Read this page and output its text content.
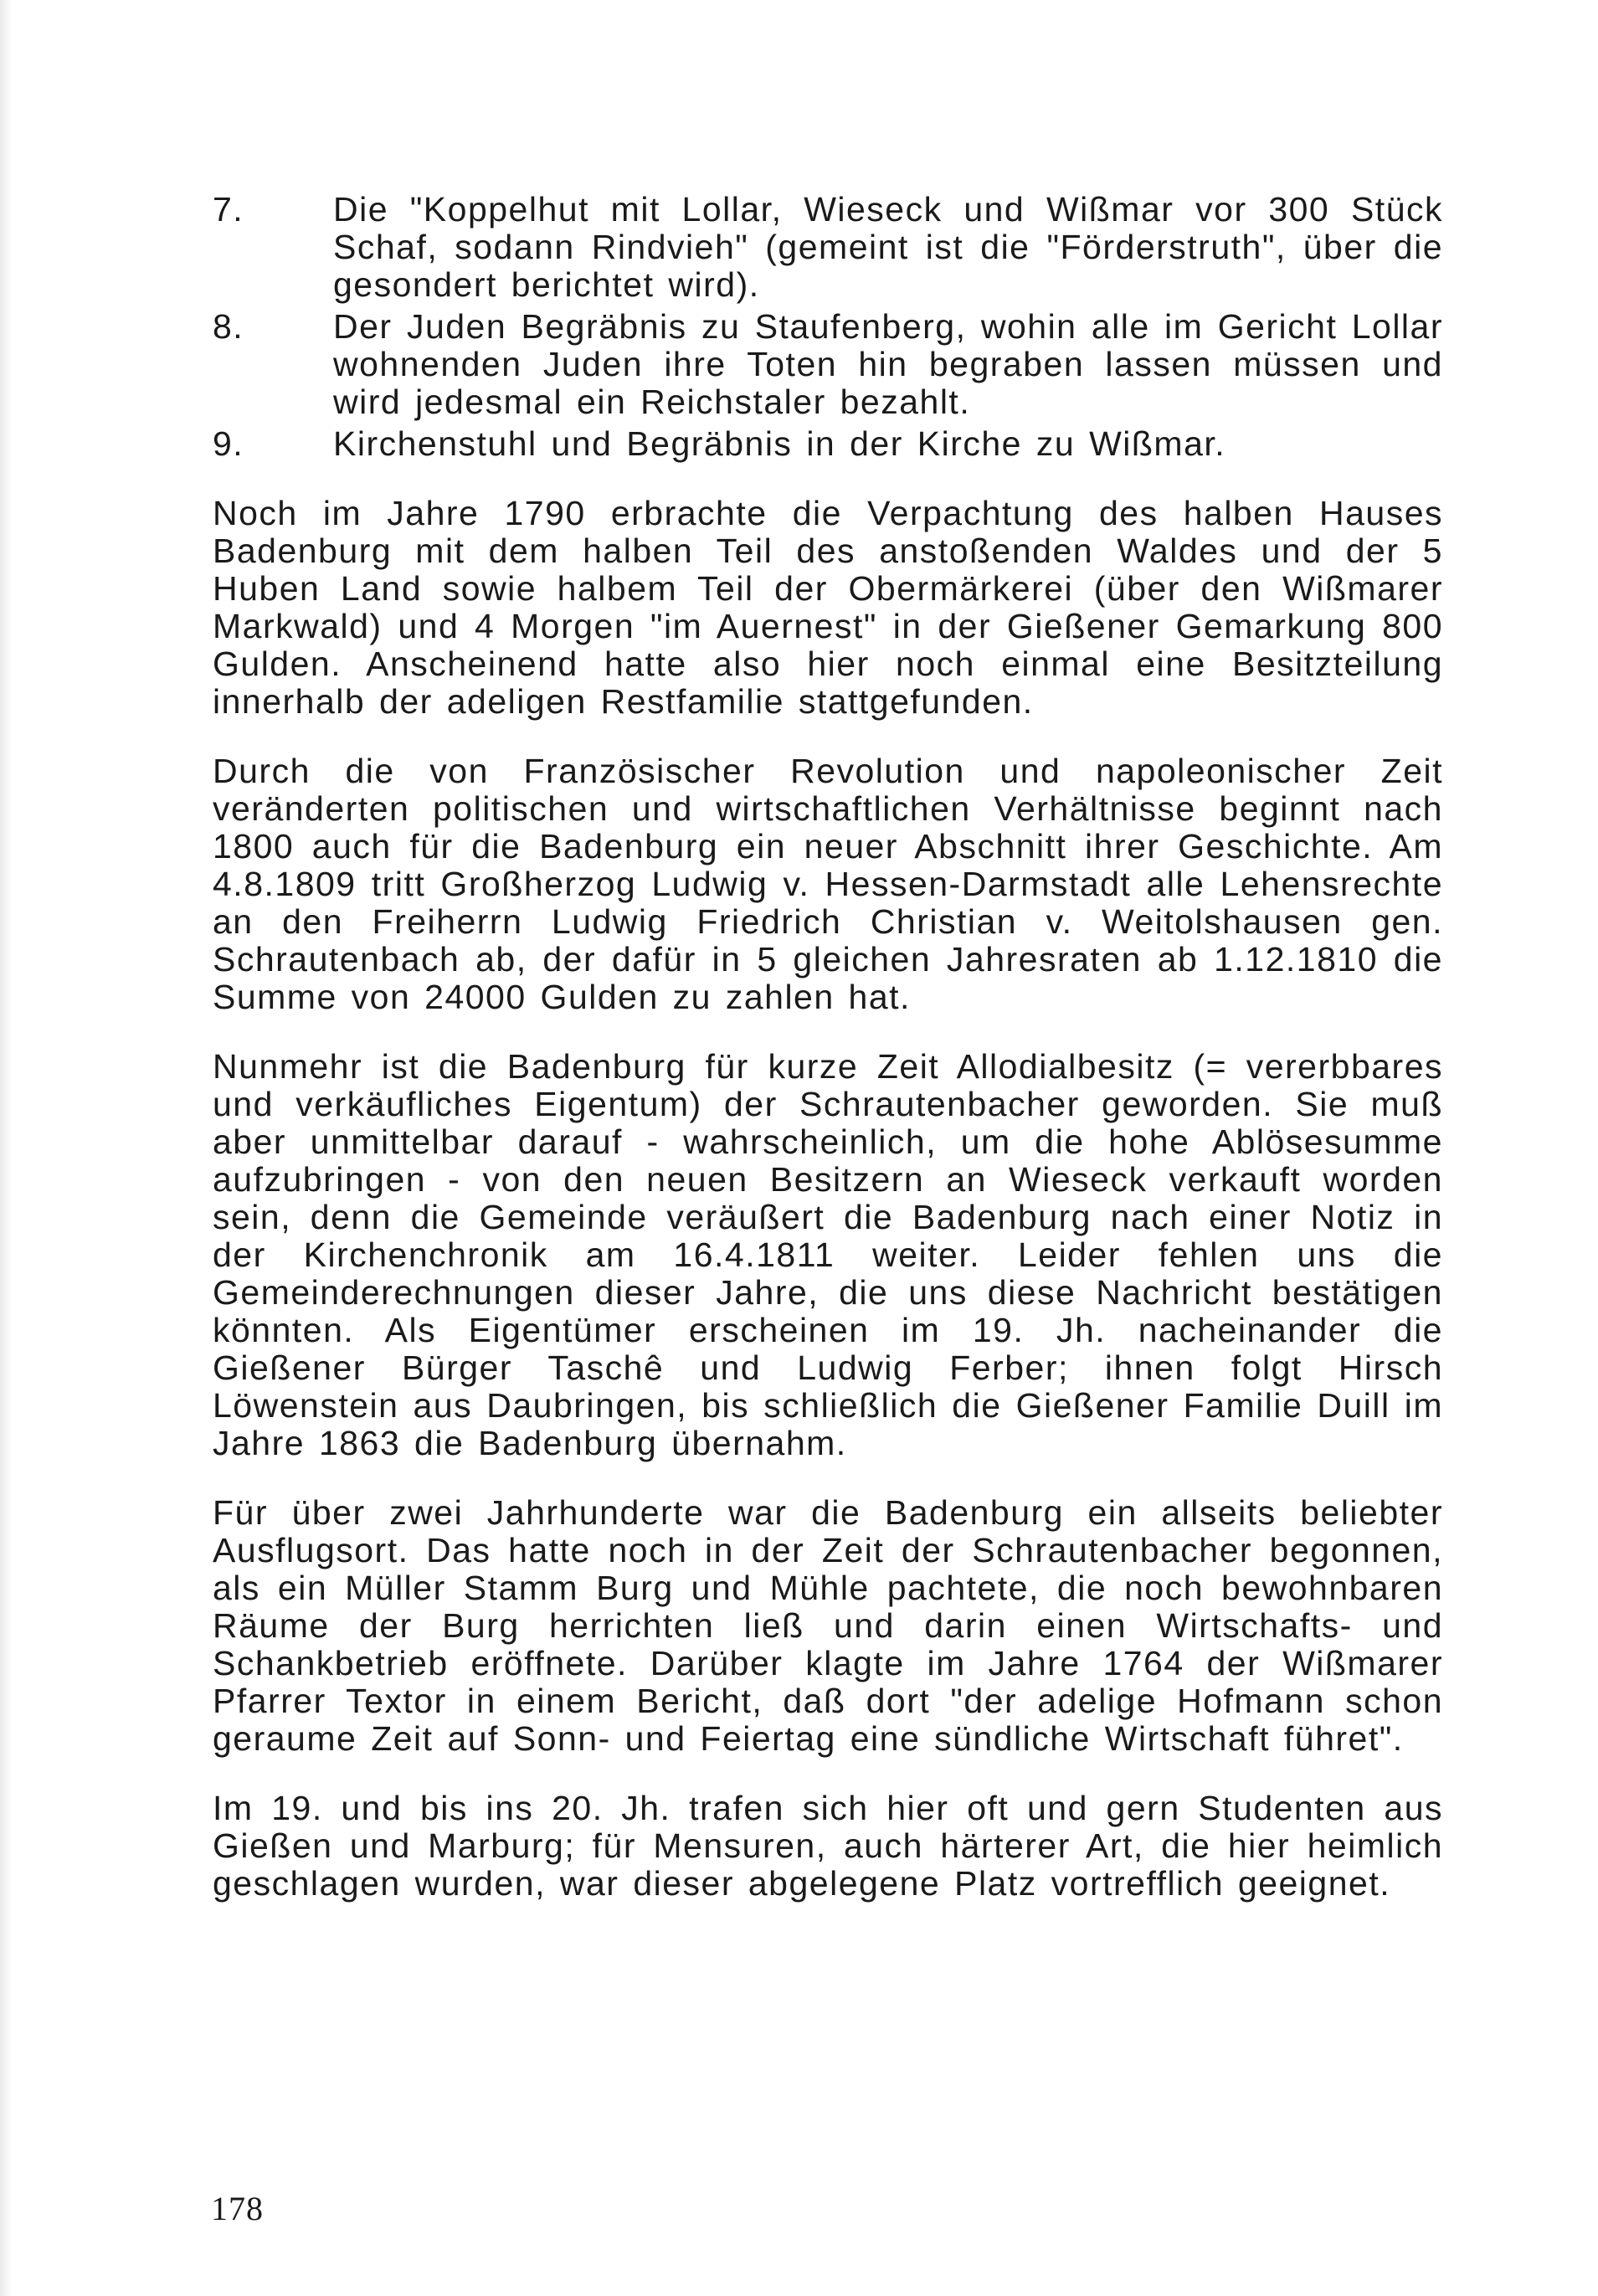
7.	Die "Koppelhut mit Lollar, Wieseck und Wißmar vor 300 Stück Schaf, sodann Rindvieh" (gemeint ist die "Förderstruth", über die gesondert berichtet wird).
8.	Der Juden Begräbnis zu Staufenberg, wohin alle im Gericht Lollar wohnenden Juden ihre Toten hin begraben lassen müssen und wird jedesmal ein Reichstaler bezahlt.
9.	Kirchenstuhl und Begräbnis in der Kirche zu Wißmar.

Noch im Jahre 1790 erbrachte die Verpachtung des halben Hauses Badenburg mit dem halben Teil des anstoßenden Waldes und der 5 Huben Land sowie halbem Teil der Obermärkerei (über den Wißmarer Markwald) und 4 Morgen "im Auernest" in der Gießener Gemarkung 800 Gulden. Anscheinend hatte also hier noch einmal eine Besitzteilung innerhalb der adeligen Restfamilie stattgefunden.

Durch die von Französischer Revolution und napoleonischer Zeit veränderten politischen und wirtschaftlichen Verhältnisse beginnt nach 1800 auch für die Badenburg ein neuer Abschnitt ihrer Geschichte. Am 4.8.1809 tritt Großherzog Ludwig v. Hessen-Darmstadt alle Lehensrechte an den Freiherrn Ludwig Friedrich Christian v. Weitolshausen gen. Schrautenbach ab, der dafür in 5 gleichen Jahresraten ab 1.12.1810 die Summe von 24000 Gulden zu zahlen hat.

Nunmehr ist die Badenburg für kurze Zeit Allodialbesitz (= vererbbares und verkäufliches Eigentum) der Schrautenbacher geworden. Sie muß aber unmittelbar darauf - wahrscheinlich, um die hohe Ablösesumme aufzubringen - von den neuen Besitzern an Wieseck verkauft worden sein, denn die Gemeinde veräußert die Badenburg nach einer Notiz in der Kirchenchronik am 16.4.1811 weiter. Leider fehlen uns die Gemeinderechnungen dieser Jahre, die uns diese Nachricht bestätigen könnten. Als Eigentümer erscheinen im 19. Jh. nacheinander die Gießener Bürger Taschê und Ludwig Ferber; ihnen folgt Hirsch Löwenstein aus Daubringen, bis schließlich die Gießener Familie Duill im Jahre 1863 die Badenburg übernahm.

Für über zwei Jahrhunderte war die Badenburg ein allseits beliebter Ausflugsort. Das hatte noch in der Zeit der Schrautenbacher begonnen, als ein Müller Stamm Burg und Mühle pachtete, die noch bewohnbaren Räume der Burg herrichten ließ und darin einen Wirtschafts- und Schankbetrieb eröffnete. Darüber klagte im Jahre 1764 der Wißmarer Pfarrer Textor in einem Bericht, daß dort "der adelige Hofmann schon geraume Zeit auf Sonn- und Feiertag eine sündliche Wirtschaft führet".

Im 19. und bis ins 20. Jh. trafen sich hier oft und gern Studenten aus Gießen und Marburg; für Mensuren, auch härterer Art, die hier heimlich geschlagen wurden, war dieser abgelegene Platz vortrefflich geeignet.

178
